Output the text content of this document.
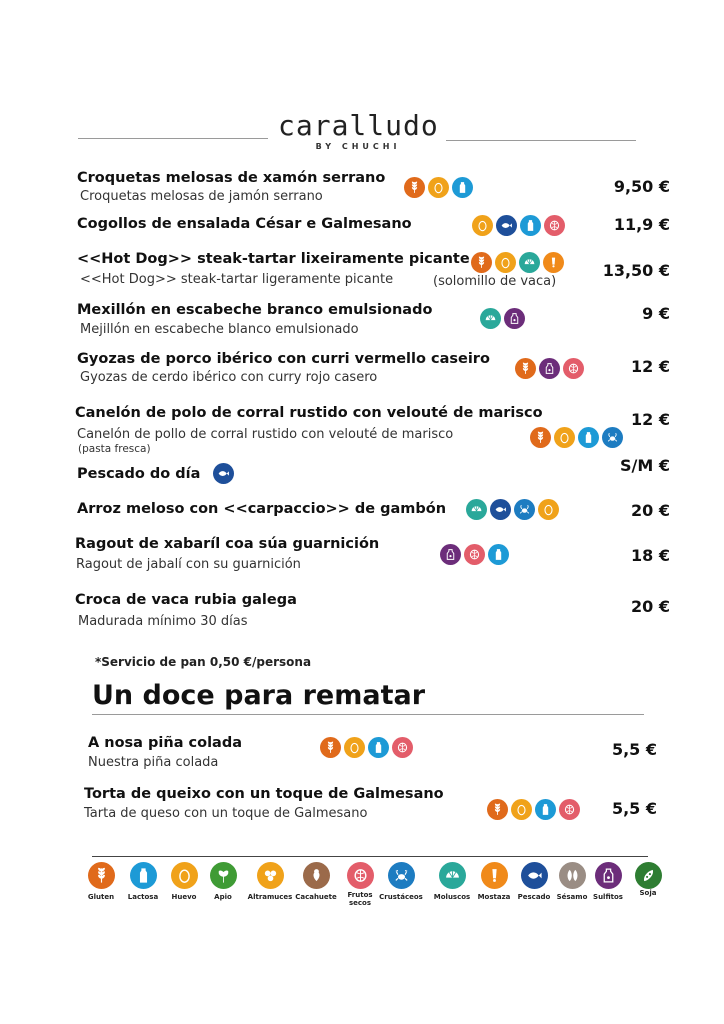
caralludo
BY CHUCHI
Croquetas melosas de xamón serrano
Croquetas melosas de jamón serrano
9,50 €
Cogollos de ensalada César e Galmesano	11,9 €
<<Hot Dog>> steak-tartar lixeiramente picante
<<Hot Dog>> steak-tartar ligeramente picante	(solomillo de vaca)
13,50 €
Mexillón en escabeche branco emulsionado
Mejillón en escabeche blanco emulsionado
9 €
Gyozas de porco ibérico con curri vermello caseiro
Gyozas de cerdo ibérico con curry rojo casero
12 €
Canelón de polo de corral rustido con velouté de marisco
Canelón de pollo de corral rustido con velouté de marisco
(pasta fresca)
12 €
Pescado do día	S/M €
Arroz meloso con <<carpaccio>> de gambón	20 €
Ragout de xabaríl coa súa guarnición
Ragout de jabalí con su guarnición	18 €
Croca de vaca rubia galega
Madurada mínimo 30 días
20 €
*Servicio de pan 0,50 €/persona
Un doce para rematar
A nosa piña colada
Nuestra piña colada
5,5 €
Torta de queixo con un toque de Galmesano
Tarta de queso con un toque de Galmesano	5,5 €
Gluten	Lactosa	Huevo	Apio	Altramuces Cacahuete	Frutos secos
Crustáceos	Moluscos	Mostaza	Pescado Sésamo Sulfitos	Soja
